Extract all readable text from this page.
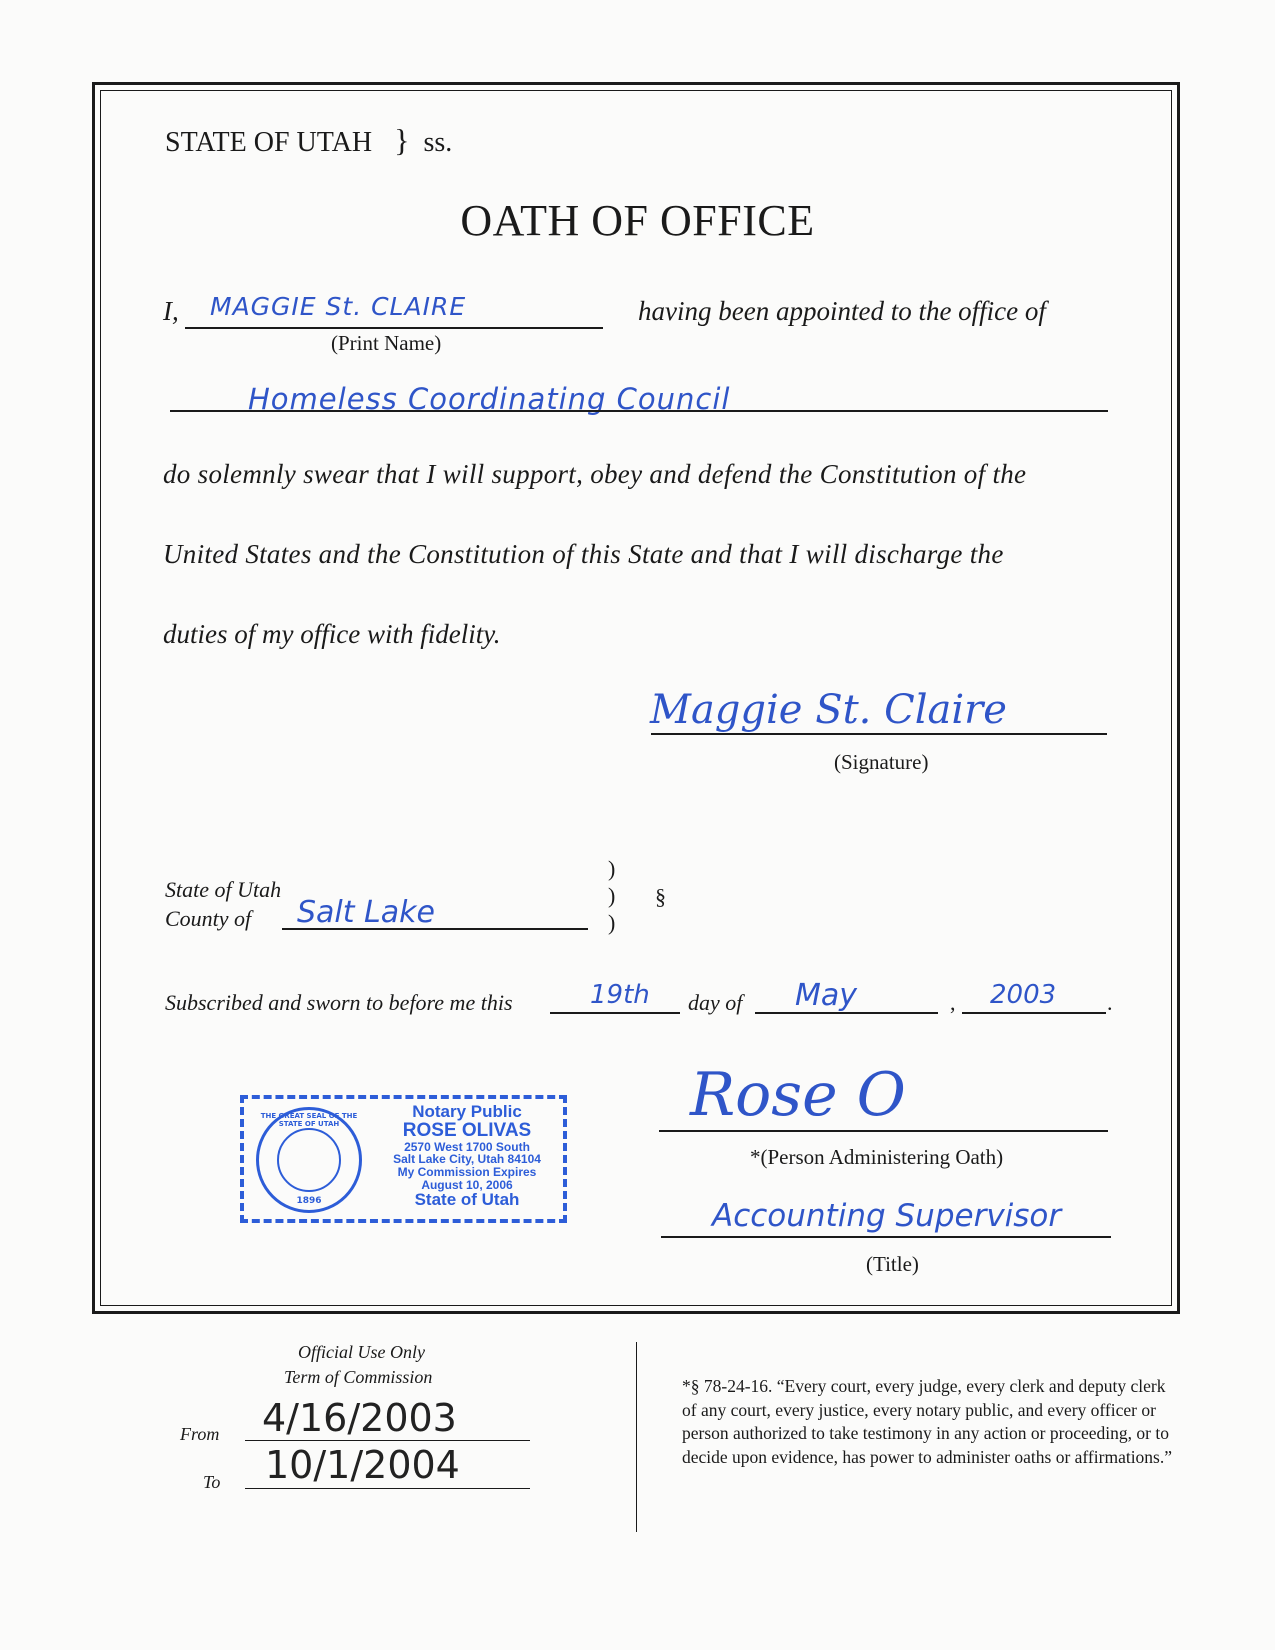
STATE OF UTAH } ss.
OATH OF OFFICE
I, MAGGIE St. CLAIRE
(Print Name)
having been appointed to the office of
Homeless Coordinating Council
do solemnly swear that I will support, obey and defend the Constitution of the
United States and the Constitution of this State and that I will discharge the
duties of my office with fidelity.
Maggie St. Claire
(Signature)
State of Utah
County of Salt Lake
)
)
)
§
Subscribed and sworn to before me this	19th day of May	, 2003 .
THE GREAT SEAL OF THE STATE OF UTAH
1896
Notary Public
ROSE OLIVAS
2570 West 1700 South
Salt Lake City, Utah 84104
My Commission Expires
August 10, 2006
State of Utah
Rose O
*(Person Administering Oath)
Accounting Supervisor
(Title)
Official Use Only
Term of Commission
From 4/16/2003
To 10/1/2004
*§ 78-24-16. “Every court, every judge, every clerk and deputy clerk of any court, every justice, every notary public, and every officer or person authorized to take testimony in any action or proceeding, or to decide upon evidence, has power to administer oaths or affirmations.”
